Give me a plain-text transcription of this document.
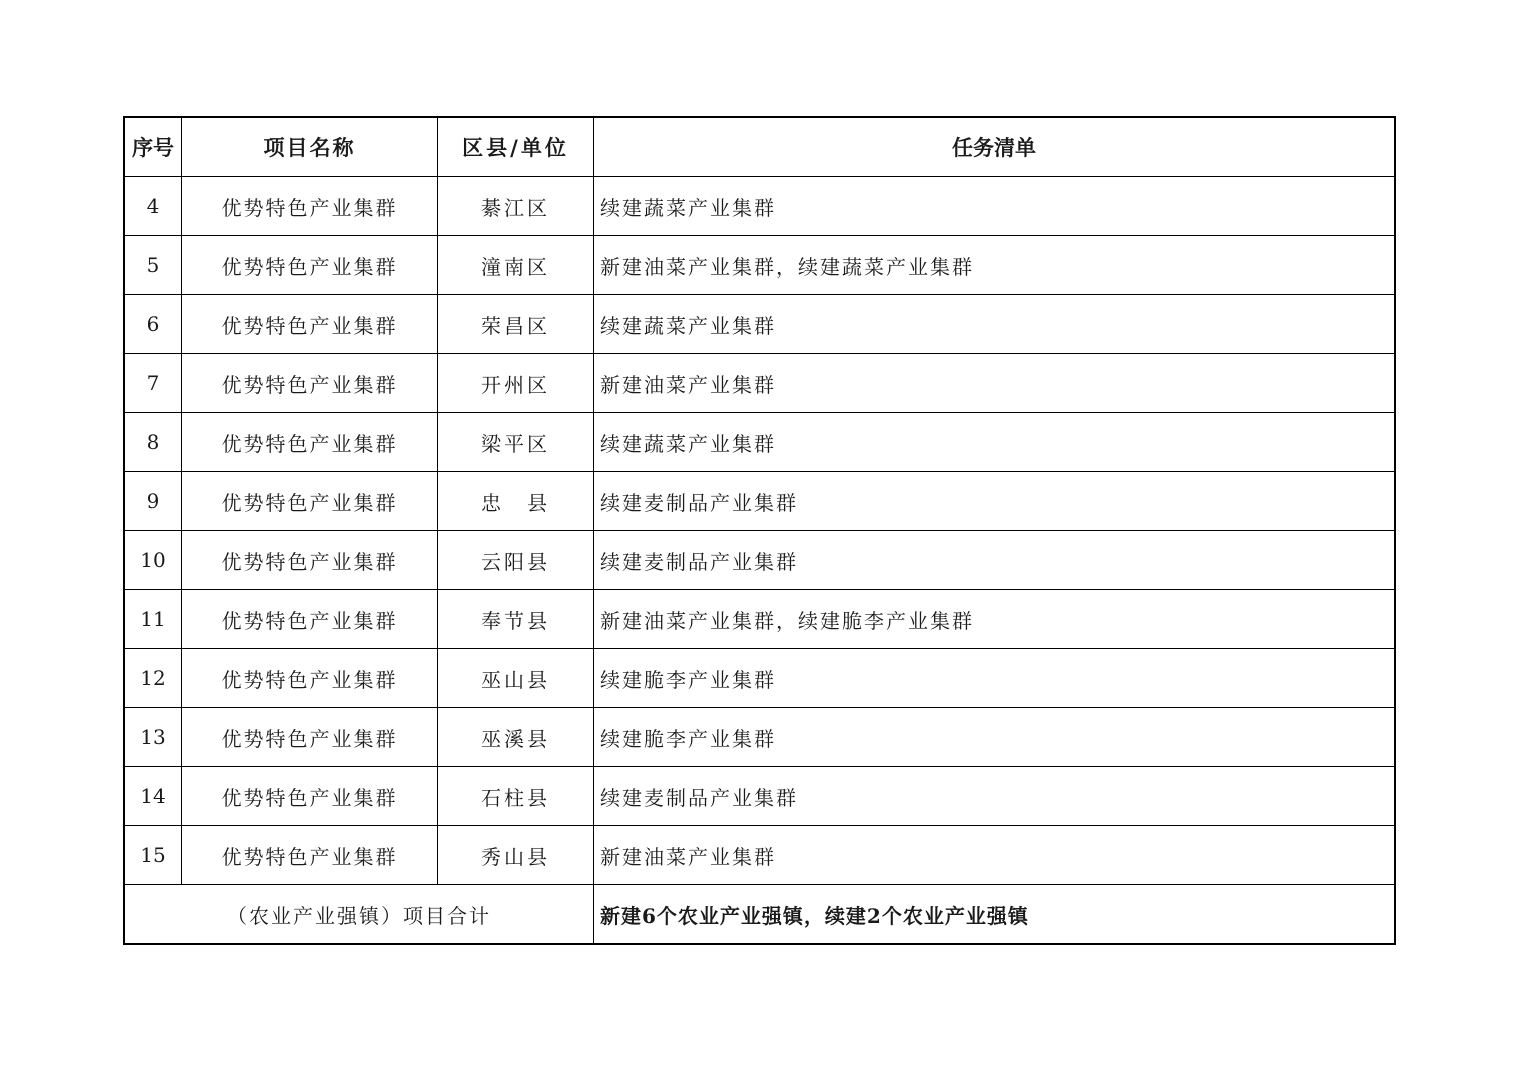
序号	项目名称	区县/单位	任务清单
4	优势特色产业集群	綦江区	续建蔬菜产业集群
5	优势特色产业集群	潼南区	新建油菜产业集群，续建蔬菜产业集群
6	优势特色产业集群	荣昌区	续建蔬菜产业集群
7	优势特色产业集群	开州区	新建油菜产业集群
8	优势特色产业集群	梁平区	续建蔬菜产业集群
9	优势特色产业集群	忠　县	续建麦制品产业集群
10	优势特色产业集群	云阳县	续建麦制品产业集群
11	优势特色产业集群	奉节县	新建油菜产业集群，续建脆李产业集群
12	优势特色产业集群	巫山县	续建脆李产业集群
13	优势特色产业集群	巫溪县	续建脆李产业集群
14	优势特色产业集群	石柱县	续建麦制品产业集群
15	优势特色产业集群	秀山县	新建油菜产业集群
（农业产业强镇）项目合计			新建6个农业产业强镇，续建2个农业产业强镇
